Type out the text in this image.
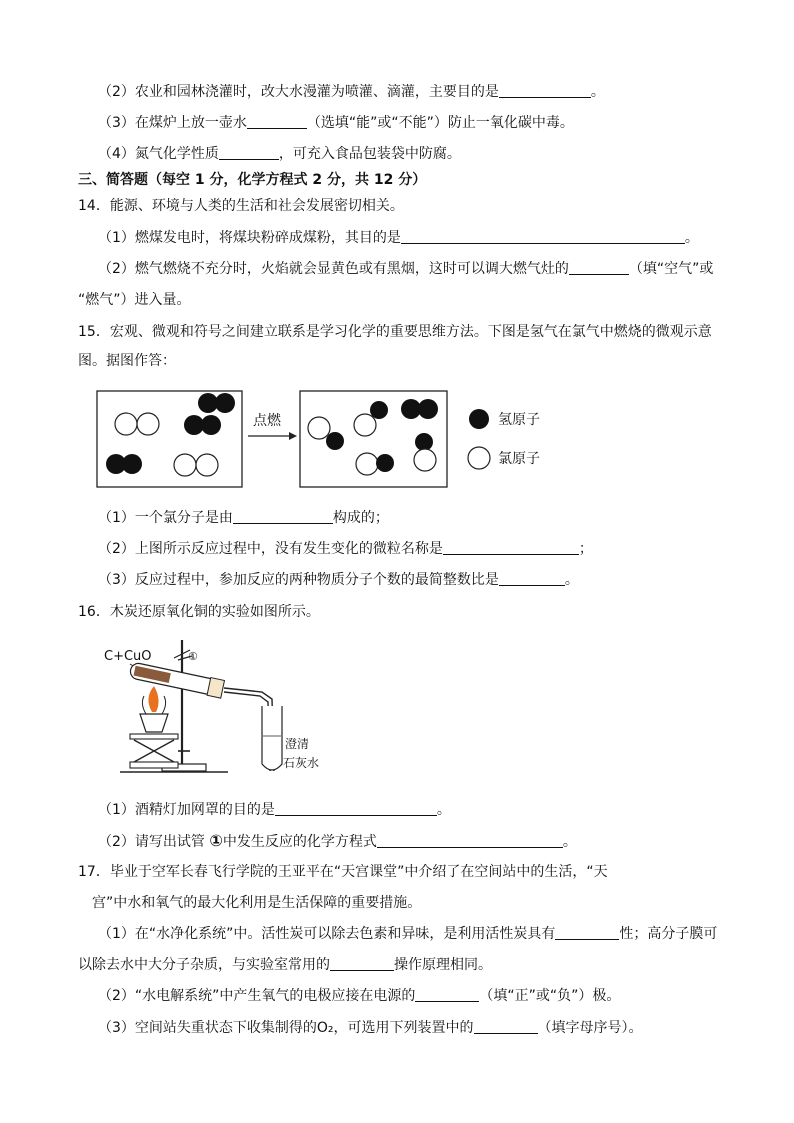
（2）农业和园林浇灌时，改大水漫灌为喷灌、滴灌，主要目的是	。
（3）在煤炉上放一壶水	（选填“能”或“不能”）防止一氧化碳中毒。
（4）氮气化学性质	，可充入食品包装袋中防腐。
三、简答题（每空 1 分，化学方程式 2 分，共 12 分）
14．能源、环境与人类的生活和社会发展密切相关。
（1）燃煤发电时，将煤块粉碎成煤粉，其目的是	。
（2）燃气燃烧不充分时，火焰就会显黄色或有黑烟，这时可以调大燃气灶的	（填“空气”或
“燃气”）进入量。
15．宏观、微观和符号之间建立联系是学习化学的重要思维方法。下图是氢气在氯气中燃烧的微观示意
图。据图作答：
点燃	氢原子
氯原子
（1）一个氯分子是由	构成的；
（2）上图所示反应过程中，没有发生变化的微粒名称是	；
（3）反应过程中，参加反应的两种物质分子个数的最简整数比是	。
16．木炭还原氧化铜的实验如图所示。
C+CuO	①
澄清
石灰水
（1）酒精灯加网罩的目的是	。
（2）请写出试管 ①中发生反应的化学方程式	。
17．毕业于空军长春飞行学院的王亚平在“天宫课堂”中介绍了在空间站中的生活，“天
宫”中水和氧气的最大化利用是生活保障的重要措施。
（1）在“水净化系统”中。活性炭可以除去色素和异味，是利用活性炭具有	性；高分子膜可
以除去水中大分子杂质，与实验室常用的	操作原理相同。
（2）“水电解系统”中产生氧气的电极应接在电源的	（填“正”或“负”）极。
（3）空间站失重状态下收集制得的O₂，可选用下列装置中的	（填字母序号）。
